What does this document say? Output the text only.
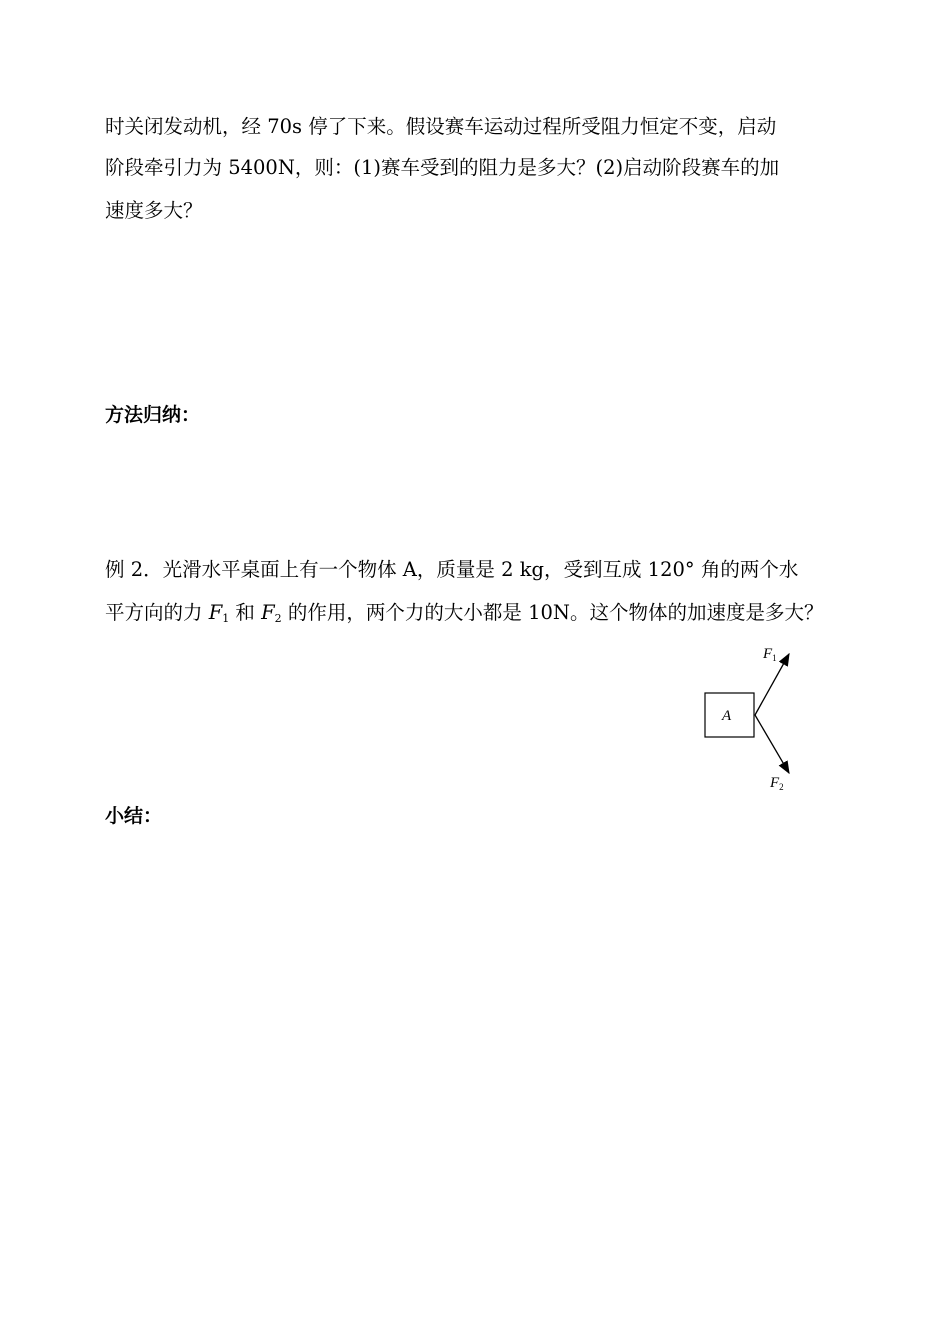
时关闭发动机，经 70s 停了下来。假设赛车运动过程所受阻力恒定不变，启动
阶段牵引力为 5400N，则：(1)赛车受到的阻力是多大？(2)启动阶段赛车的加
速度多大？
方法归纳：
例 2．光滑水平桌面上有一个物体 A，质量是 2 kg，受到互成 120° 角的两个水
平方向的力 $F_1$ 和 $F_2$ 的作用，两个力的大小都是 10N。这个物体的加速度是多大？
A
$F_1$
$F_2$
小结：
